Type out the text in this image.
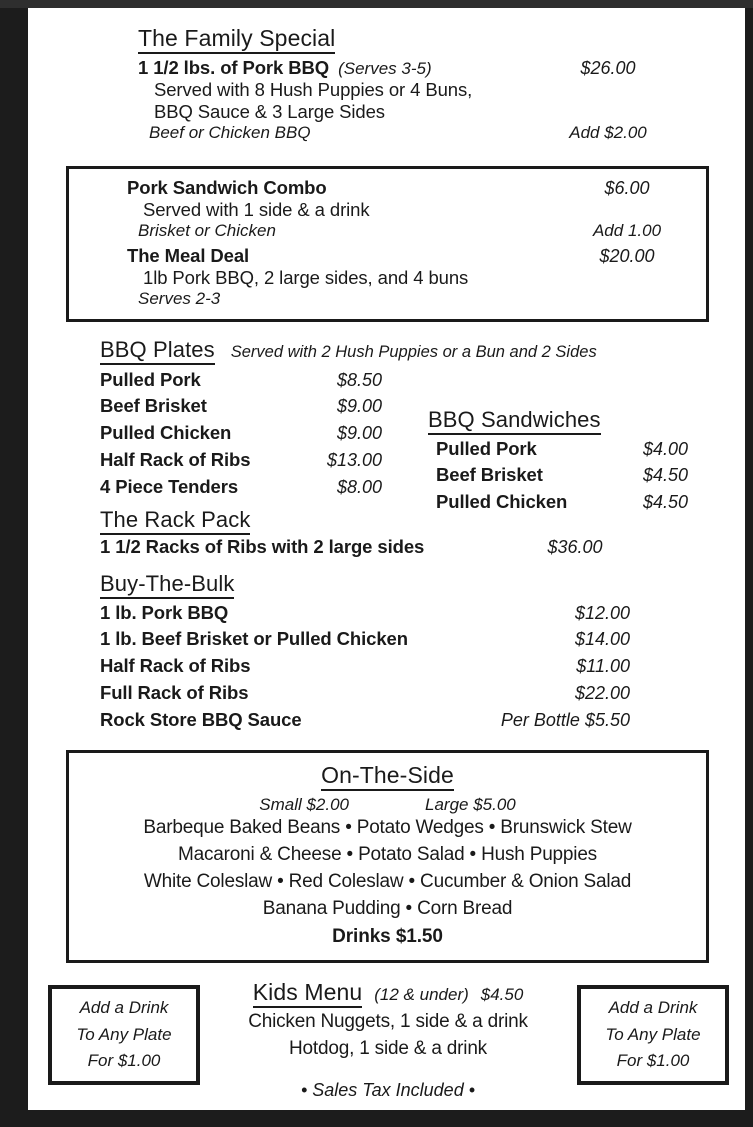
The Family Special
1 1/2 lbs. of Pork BBQ (Serves 3-5)	$26.00
Served with 8 Hush Puppies or 4 Buns,
BBQ Sauce & 3 Large Sides
Beef or Chicken BBQ	Add $2.00
Pork Sandwich Combo	$6.00
Served with 1 side & a drink
Brisket or Chicken	Add 1.00
The Meal Deal	$20.00
1lb Pork BBQ, 2 large sides, and 4 buns
Serves 2-3
BBQ Plates Served with 2 Hush Puppies or a Bun and 2 Sides
Pulled Pork	$8.50
Beef Brisket	$9.00
Pulled Chicken	$9.00
Half Rack of Ribs	$13.00
4 Piece Tenders	$8.00
BBQ Sandwiches
Pulled Pork	$4.00
Beef Brisket	$4.50
Pulled Chicken	$4.50
The Rack Pack
1 1/2 Racks of Ribs with 2 large sides	$36.00
Buy-The-Bulk
1 lb. Pork BBQ	$12.00
1 lb. Beef Brisket or Pulled Chicken	$14.00
Half Rack of Ribs	$11.00
Full Rack of Ribs	$22.00
Rock Store BBQ Sauce	Per Bottle $5.50
On-The-Side
Small $2.00	Large $5.00
Barbeque Baked Beans • Potato Wedges • Brunswick Stew
Macaroni & Cheese • Potato Salad • Hush Puppies
White Coleslaw • Red Coleslaw • Cucumber & Onion Salad
Banana Pudding • Corn Bread
Drinks $1.50
Add a Drink
To Any Plate
For $1.00
Add a Drink
To Any Plate
For $1.00
Kids Menu (12 & under) $4.50
Chicken Nuggets, 1 side & a drink
Hotdog, 1 side & a drink
• Sales Tax Included •
